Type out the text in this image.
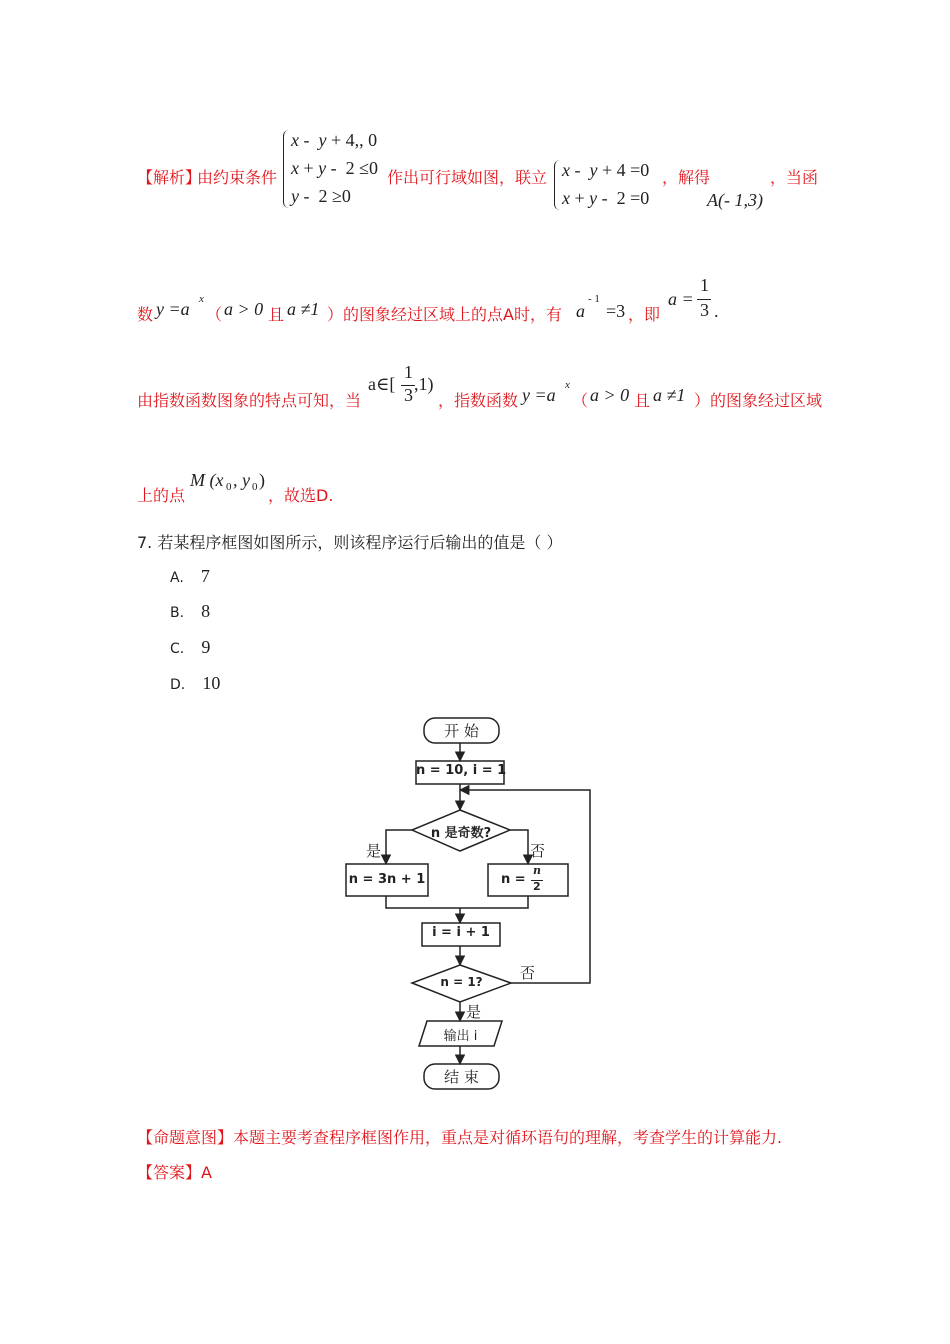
【解析】
由约束条件
x -  y + 4,, 0
x + y -  2 ≤0
y -  2 ≥0
作出可行域如图，联立 x -  y + 4 =0
x + y -  2 =0
，解得
A(- 1,3)
，当函
数 y =a x
（ a > 0 且 a ≠1 ）的图象经过区域上的点A时，有 a
- 1
=3 ，即
a =
1
3 .
由指数函数图象的特点可知，当
a∈[
1
3
,1)
，指数函数 y =a x
（ a > 0 且 a ≠1 ）的图象经过区域
上的点
M (x 0 , y 0 )
，故选D.
7. 若某程序框图如图所示，则该程序运行后输出的值是（ ）
A. 7
B. 8
C. 9
D. 10
开 始
n = 10, i = 1
n 是奇数?
是	否
n = 3n + 1	n =
n
2
i = i + 1
n = 1?	否
是
输出 i
结 束
【命题意图】本题主要考查程序框图作用，重点是对循环语句的理解，考查学生的计算能力.
【答案】A
